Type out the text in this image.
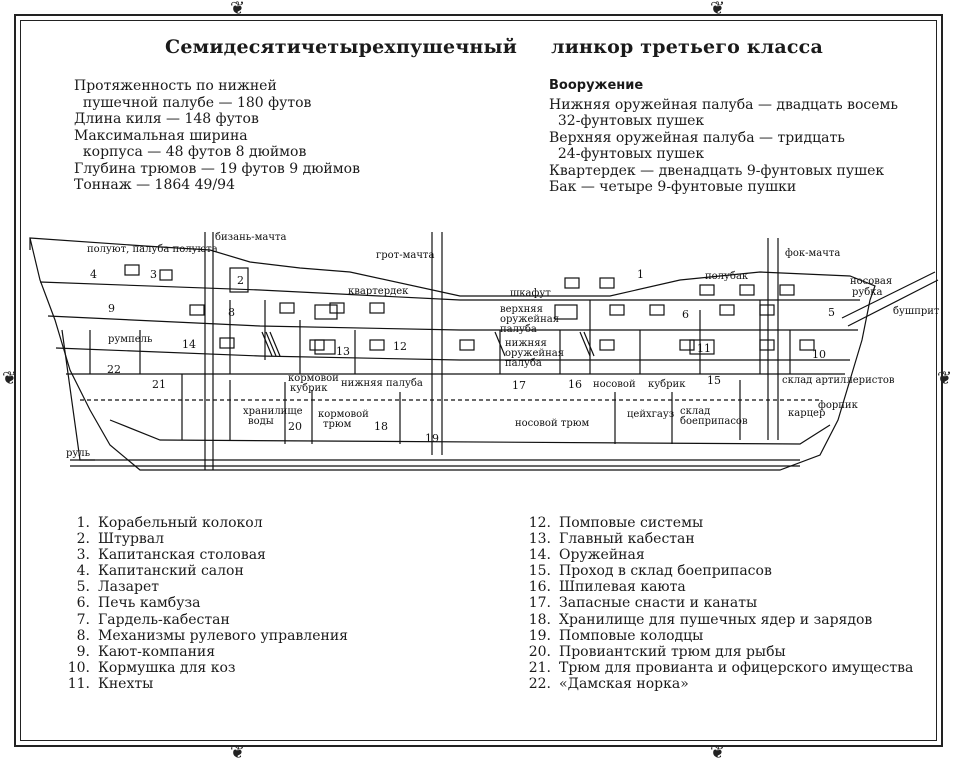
❦	❦
❦	❦
❦	❦
Семидесятичетырехпушечный     линкор третьего класса
Протяженность по нижней
пушечной палубе — 180 футов
Длина киля — 148 футов
Максимальная ширина
корпуса — 48 футов 8 дюймов
Глубина трюмов — 19 футов 9 дюймов
Тоннаж — 1864 49/94
Вооружение
Нижняя оружейная палуба — двадцать восемь
32-фунтовых пушек
Верхняя оружейная палуба — тридцать
24-фунтовых пушек
Квартердек — двенадцать 9-фунтовых пушек
Бак — четыре 9-фунтовые пушки
4	3	2
9	8
1
6	5
14
13	12	11	10
22
21	17	16	15
20	18
19
бизань-мачта
грот-мачта	фок-мачта
полуют, палуба полуюта
квартердек	шкафут
полубак	носовая
рубка
бушприт
верхняя
оружейная
палуба
нижняя
оружейная
палуба
румпель
кормовой
кубрик нижняя палуба	носовой кубрик	склад артиллеристов
хранилище
воды
кормовой
трюм
цейхгауз склад
боеприпасов
форпик
карцер
носовой трюм
руль
1. Корабельный колокол
2. Штурвал
3. Капитанская столовая
4. Капитанский салон
5. Лазарет
6. Печь камбуза
7. Гардель-кабестан
8. Механизмы рулевого управления
9. Кают-компания
10. Кормушка для коз
11. Кнехты
12. Помповые системы
13. Главный кабестан
14. Оружейная
15. Проход в склад боеприпасов
16. Шпилевая каюта
17. Запасные снасти и канаты
18. Хранилище для пушечных ядер и зарядов
19. Помповые колодцы
20. Провиантский трюм для рыбы
21. Трюм для провианта и офицерского имущества
22. «Дамская норка»
